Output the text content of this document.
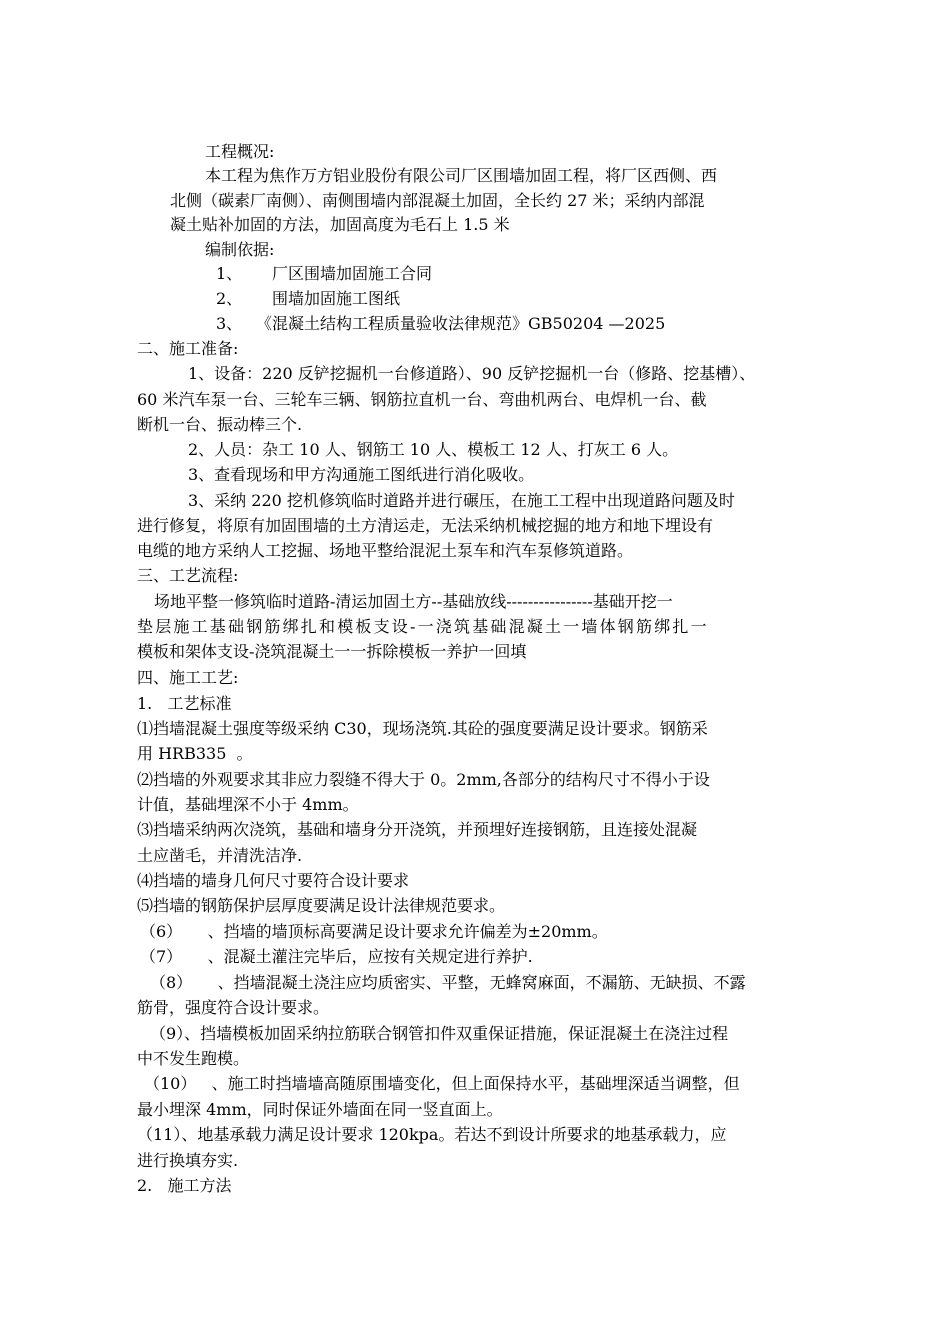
工程概况:
本工程为焦作万方铝业股份有限公司厂区围墙加固工程，将厂区西侧、西
北侧（碳素厂南侧）、南侧围墙内部混凝土加固，全长约 27 米；采纳内部混
凝土贴补加固的方法，加固高度为毛石上 1.5 米
编制依据:
1、 厂区围墙加固施工合同
2、 围墙加固施工图纸
3、 《混凝土结构工程质量验收法律规范》GB50204 —2025
二、施工准备:
1、设备：220 反铲挖掘机一台修道路）、90 反铲挖掘机一台（修路、挖基槽）、
60 米汽车泵一台、三轮车三辆、钢筋拉直机一台、弯曲机两台、电焊机一台、截
断机一台、振动棒三个.
2、人员：杂工 10 人、钢筋工 10 人、模板工 12 人、打灰工 6 人。
3、查看现场和甲方沟通施工图纸进行消化吸收。
3、采纳 220 挖机修筑临时道路并进行碾压，在施工工程中出现道路问题及时
进行修复，将原有加固围墙的土方清运走，无法采纳机械挖掘的地方和地下埋设有
电缆的地方采纳人工挖掘、场地平整给混泥土泵车和汽车泵修筑道路。
三、工艺流程:
场地平整一修筑临时道路-清运加固土方--基础放线----------------基础开挖一
垫层施工基础钢筋绑扎和模板支设-一浇筑基础混凝土一墙体钢筋绑扎一
模板和架体支设-浇筑混凝土一一拆除模板一养护一回填
四、施工工艺:
1.   工艺标准
⑴挡墙混凝土强度等级采纳 C30，现场浇筑.其砼的强度要满足设计要求。钢筋采
用 HRB335  。
⑵挡墙的外观要求其非应力裂缝不得大于 0。2mm,各部分的结构尺寸不得小于设
计值，基础埋深不小于 4mm。
⑶挡墙采纳两次浇筑，基础和墙身分开浇筑，并预埋好连接钢筋，且连接处混凝
土应凿毛，并清洗洁净.
⑷挡墙的墙身几何尺寸要符合设计要求
⑸挡墙的钢筋保护层厚度要满足设计法律规范要求。
（6）     、挡墙的墙顶标高要满足设计要求允许偏差为±20mm。
（7）     、混凝土灌注完毕后，应按有关规定进行养护.
（8）     、挡墙混凝土浇注应均质密实、平整，无蜂窝麻面，不漏筋、无缺损、不露
筋骨，强度符合设计要求。
（9）、挡墙模板加固采纳拉筋联合钢管扣件双重保证措施，保证混凝土在浇注过程
中不发生跑模。
（10）   、施工时挡墙墙高随原围墙变化，但上面保持水平，基础埋深适当调整，但
最小埋深 4mm，同时保证外墙面在同一竖直面上。
（11）、地基承载力满足设计要求 120kpa。若达不到设计所要求的地基承载力，应
进行换填夯实.
2.   施工方法
